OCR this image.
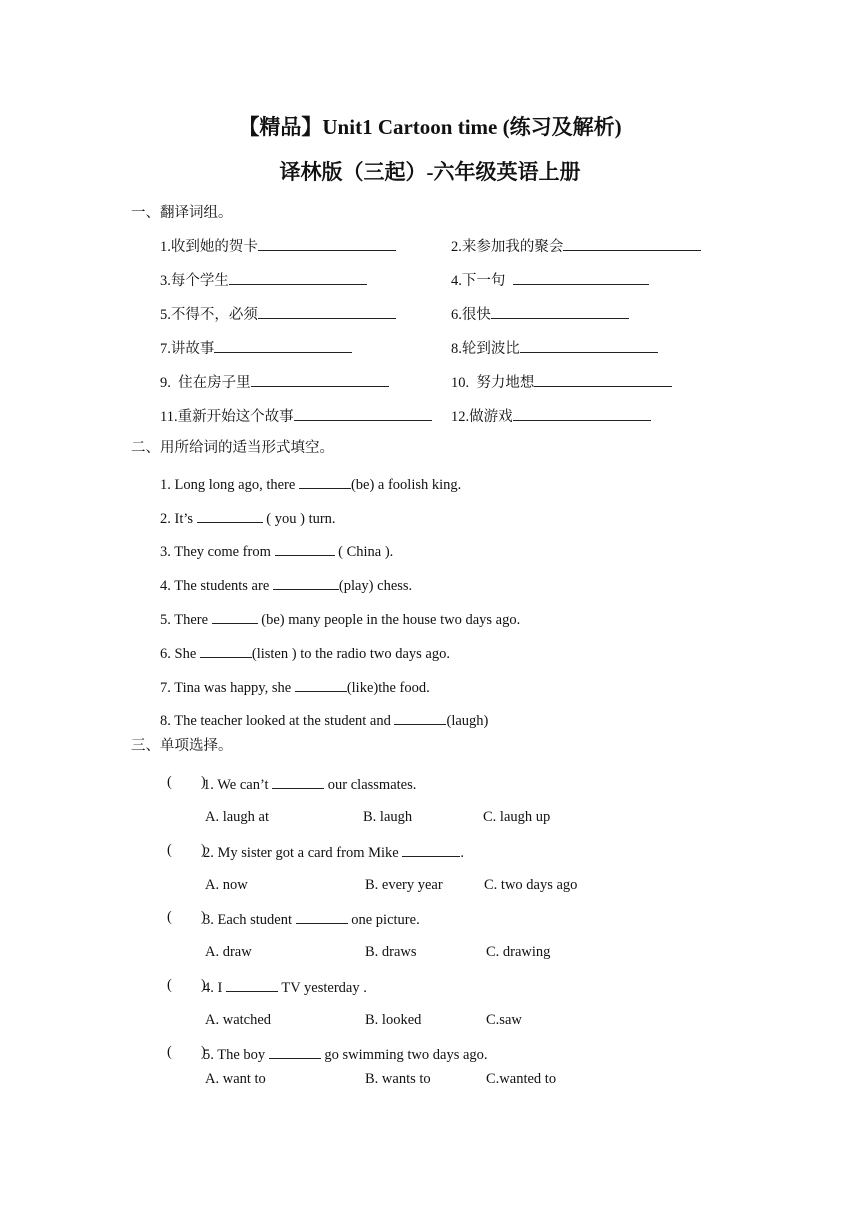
【精品】Unit1 Cartoon time (练习及解析)
译林版（三起）-六年级英语上册
一、翻译词组。
1.收到她的贺卡	2.来参加我的聚会
3.每个学生	4.下一句
5.不得不，必须	6.很快
7.讲故事	8.轮到波比
9.  住在房子里	10.  努力地想
11.重新开始这个故事	12.做游戏
二、用所给词的适当形式填空。
1. Long long ago, there	(be) a foolish king.
2. It’s	( you ) turn.
3. They come from	( China ).
4. The students are	(play) chess.
5. There	(be) many people in the house two days ago.
6. She	(listen ) to the radio two days ago.
7. Tina was happy, she	(like)the food.
8. The teacher looked at the student and	(laugh)
三、单项选择。
(        )
1. We can’t	our classmates.
A. laugh at	B. laugh	C. laugh up
(        )
2. My sister got a card from Mike	.
A. now	B. every year	C. two days ago
(        )
3. Each student	one picture.
A. draw	B. draws	C. drawing
(        )
4. I	TV yesterday .
A. watched	B. looked	C.saw
(        )
5. The boy	go swimming two days ago.
A. want to	B. wants to	C.wanted to
